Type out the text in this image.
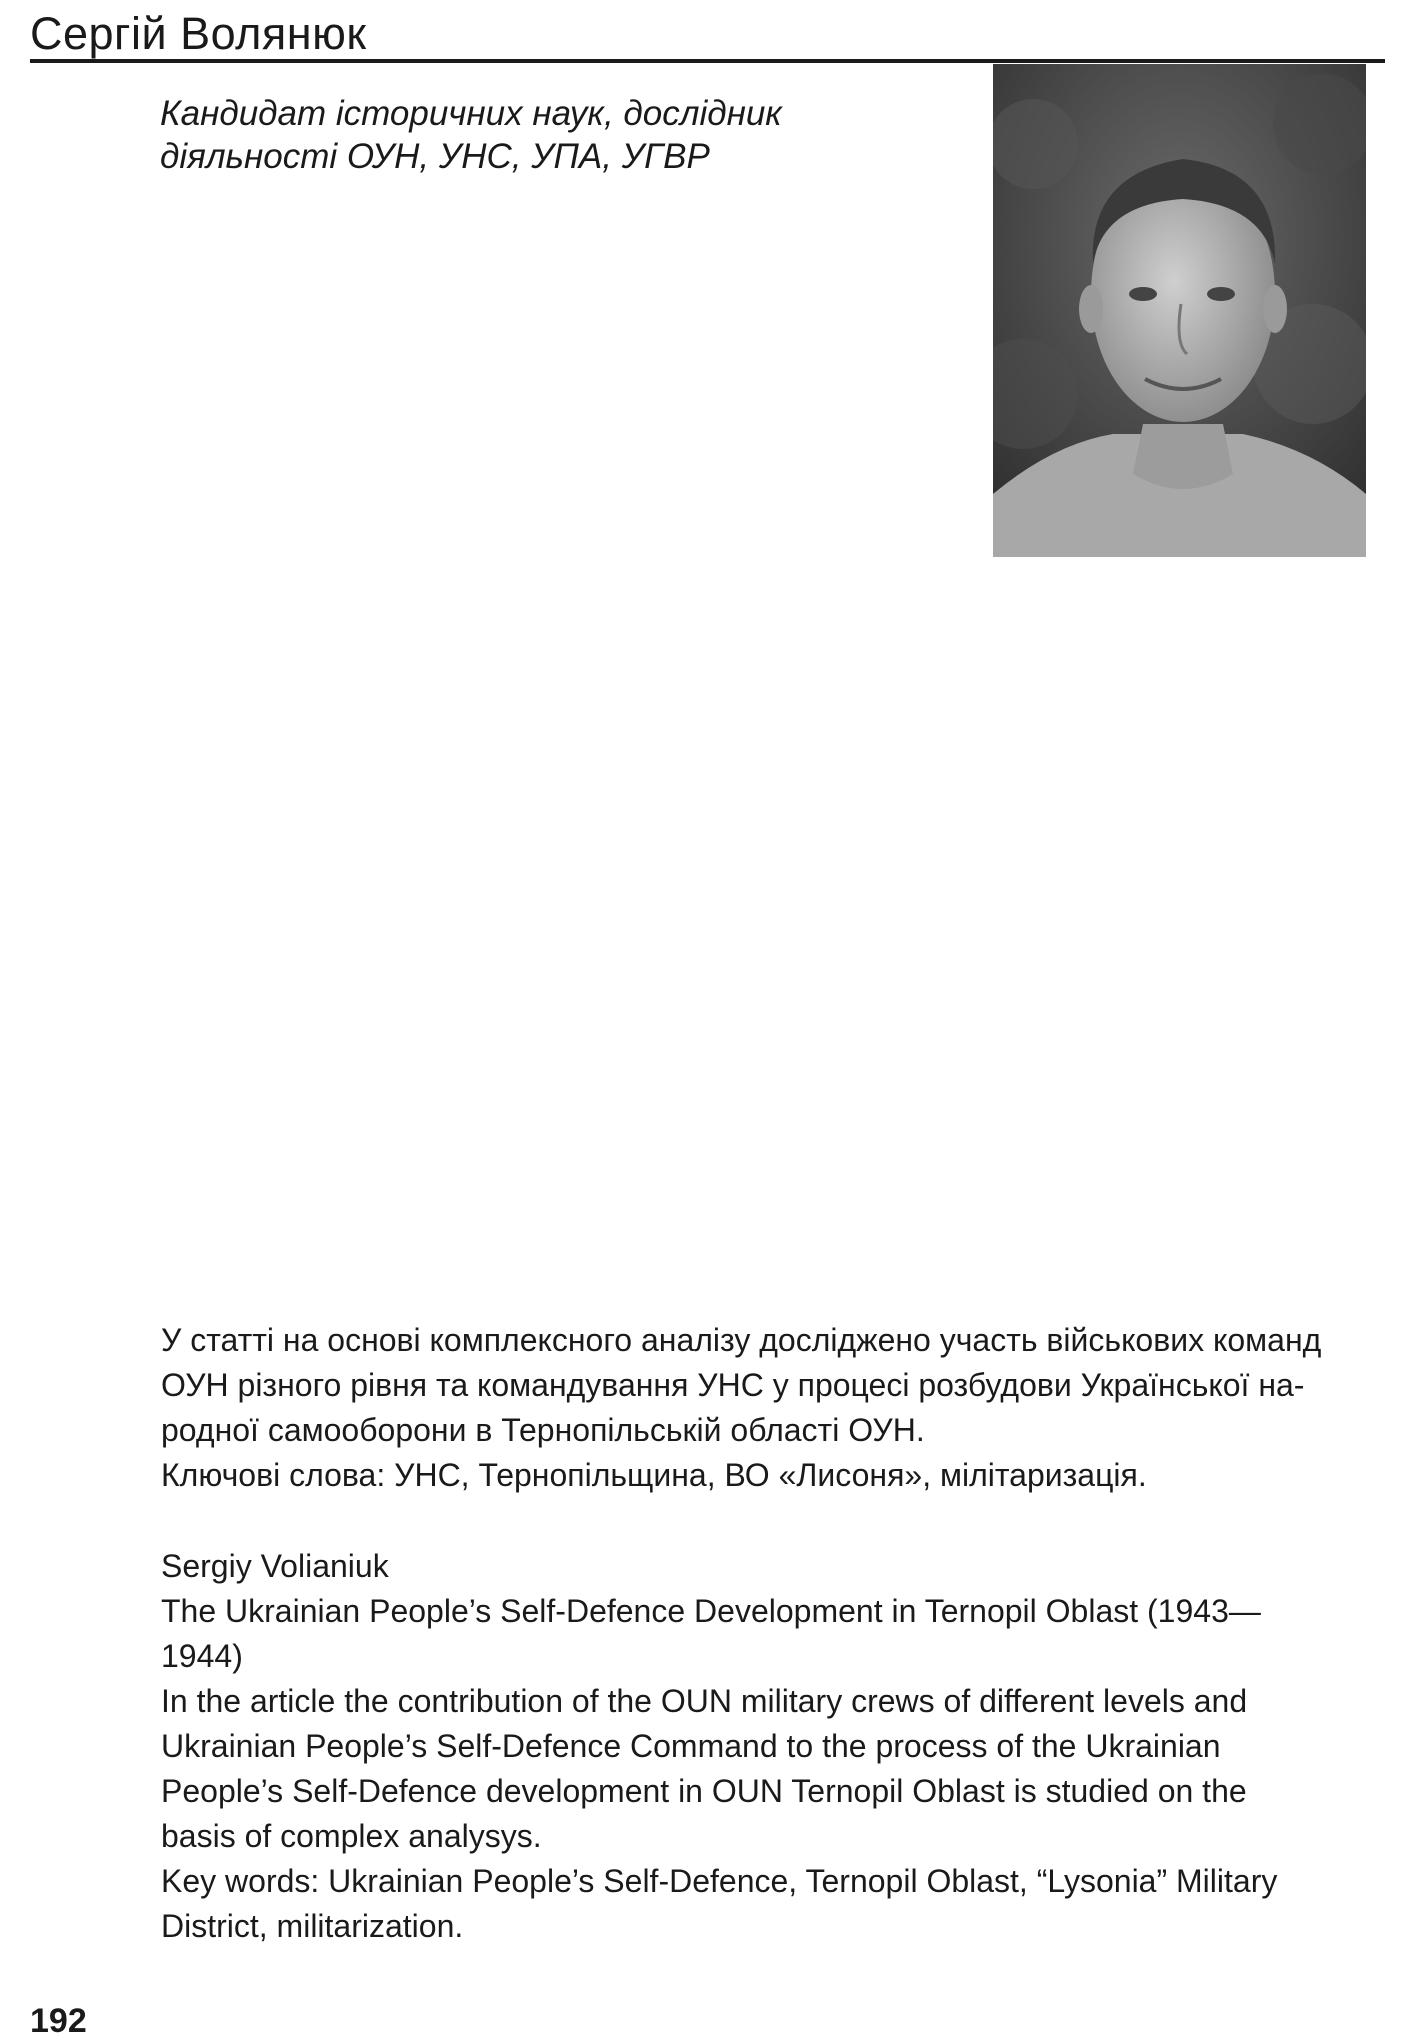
Сергій Волянюк
Кандидат історичних наук, дослідник
діяльності ОУН, УНС, УПА, УГВР
У статті на основі комплексного аналізу досліджено участь військових команд
ОУН різного рівня та командування УНС у процесі розбудови Української на-
родної самооборони в Тернопільській області ОУН.
Ключові слова: УНС, Тернопільщина, ВО «Лисоня», мілітаризація.
Sergiy Volianiuk
The Ukrainian People’s Self-Defence Development in Ternopil Oblast (1943—
1944)
In the article the contribution of the OUN military crews of different levels and
Ukrainian People’s Self-Defence Command to the process of the Ukrainian
People’s Self-Defence development in OUN Ternopil Oblast is studied on the
basis of complex analysys.
Key words: Ukrainian People’s Self-Defence, Ternopil Oblast, “Lysonia” Military
District, militarization.
192
